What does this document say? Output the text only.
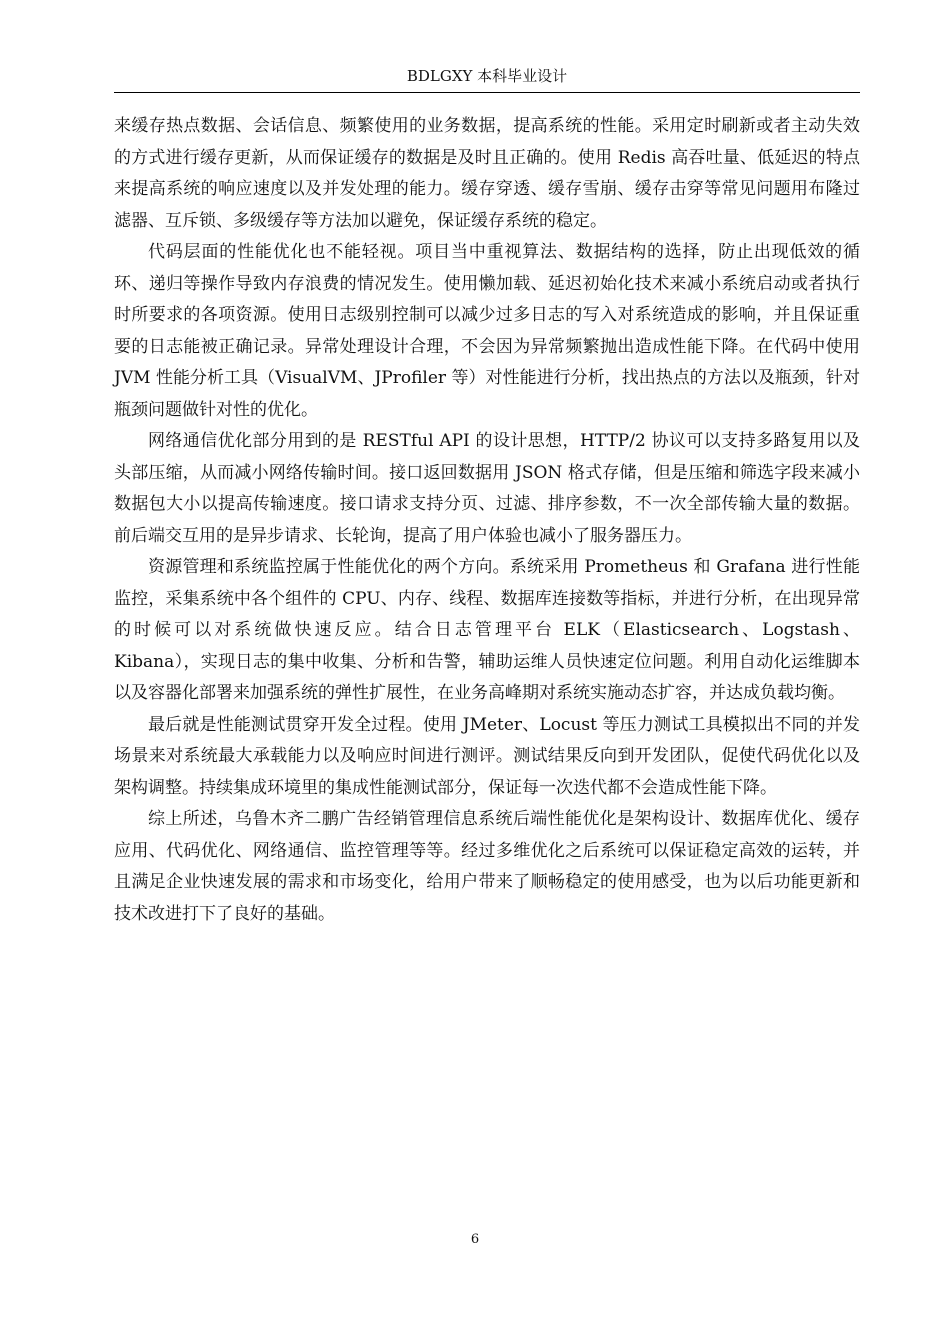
BDLGXY 本科毕业设计

来缓存热点数据、会话信息、频繁使用的业务数据，提高系统的性能。采用定时刷新或者主动失效的方式进行缓存更新，从而保证缓存的数据是及时且正确的。使用 Redis 高吞吐量、低延迟的特点来提高系统的响应速度以及并发处理的能力。缓存穿透、缓存雪崩、缓存击穿等常见问题用布隆过滤器、互斥锁、多级缓存等方法加以避免，保证缓存系统的稳定。

代码层面的性能优化也不能轻视。项目当中重视算法、数据结构的选择，防止出现低效的循环、递归等操作导致内存浪费的情况发生。使用懒加载、延迟初始化技术来减小系统启动或者执行时所要求的各项资源。使用日志级别控制可以减少过多日志的写入对系统造成的影响，并且保证重要的日志能被正确记录。异常处理设计合理，不会因为异常频繁抛出造成性能下降。在代码中使用 JVM 性能分析工具（VisualVM、JProfiler 等）对性能进行分析，找出热点的方法以及瓶颈，针对瓶颈问题做针对性的优化。

网络通信优化部分用到的是 RESTful API 的设计思想，HTTP/2 协议可以支持多路复用以及头部压缩，从而减小网络传输时间。接口返回数据用 JSON 格式存储，但是压缩和筛选字段来减小数据包大小以提高传输速度。接口请求支持分页、过滤、排序参数，不一次全部传输大量的数据。前后端交互用的是异步请求、长轮询，提高了用户体验也减小了服务器压力。

资源管理和系统监控属于性能优化的两个方向。系统采用 Prometheus 和 Grafana 进行性能监控，采集系统中各个组件的 CPU、内存、线程、数据库连接数等指标，并进行分析，在出现异常的时候可以对系统做快速反应。结合日志管理平台 ELK（Elasticsearch、Logstash、Kibana），实现日志的集中收集、分析和告警，辅助运维人员快速定位问题。利用自动化运维脚本以及容器化部署来加强系统的弹性扩展性，在业务高峰期对系统实施动态扩容，并达成负载均衡。

最后就是性能测试贯穿开发全过程。使用 JMeter、Locust 等压力测试工具模拟出不同的并发场景来对系统最大承载能力以及响应时间进行测评。测试结果反向到开发团队，促使代码优化以及架构调整。持续集成环境里的集成性能测试部分，保证每一次迭代都不会造成性能下降。

综上所述，乌鲁木齐二鹏广告经销管理信息系统后端性能优化是架构设计、数据库优化、缓存应用、代码优化、网络通信、监控管理等等。经过多维优化之后系统可以保证稳定高效的运转，并且满足企业快速发展的需求和市场变化，给用户带来了顺畅稳定的使用感受，也为以后功能更新和技术改进打下了良好的基础。

6
